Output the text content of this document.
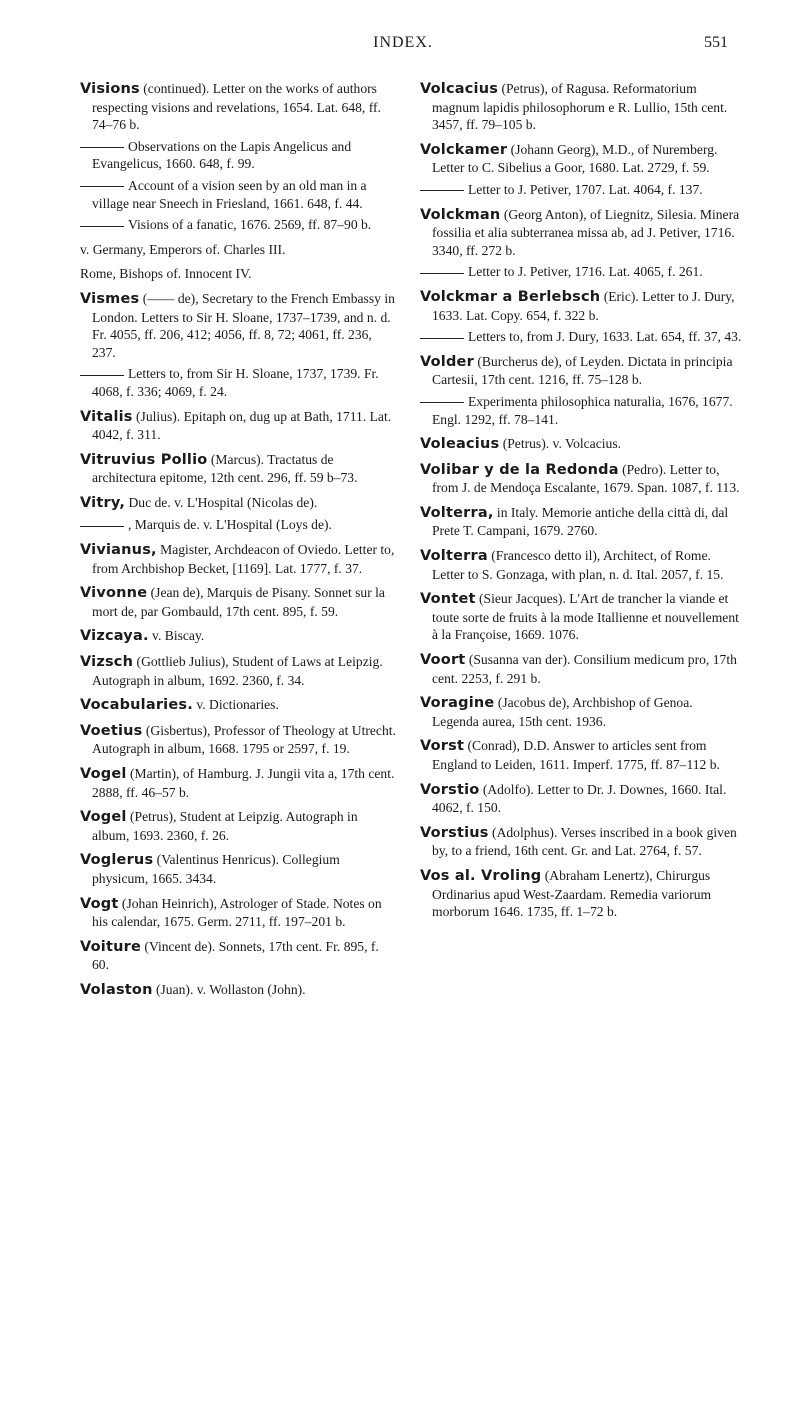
INDEX.	551
Visions (continued). Letter on the works of authors respecting visions and revelations, 1654. Lat. 648, ff. 74–76 b.
Observations on the Lapis Angelicus and Evangelicus, 1660. 648, f. 99.
Account of a vision seen by an old man in a village near Sneech in Friesland, 1661. 648, f. 44.
Visions of a fanatic, 1676. 2569, ff. 87–90 b.
v. Germany, Emperors of. Charles III.
Rome, Bishops of. Innocent IV.
Vismes (—— de), Secretary to the French Embassy in London. Letters to Sir H. Sloane, 1737–1739, and n. d. Fr. 4055, ff. 206, 412; 4056, ff. 8, 72; 4061, ff. 236, 237.
Letters to, from Sir H. Sloane, 1737, 1739. Fr. 4068, f. 336; 4069, f. 24.
Vitalis (Julius). Epitaph on, dug up at Bath, 1711. Lat. 4042, f. 311.
Vitruvius Pollio (Marcus). Tractatus de architectura epitome, 12th cent. 296, ff. 59 b–73.
Vitry, Duc de. v. L'Hospital (Nicolas de).
, Marquis de. v. L'Hospital (Loys de).
Vivianus, Magister, Archdeacon of Oviedo. Letter to, from Archbishop Becket, [1169]. Lat. 1777, f. 37.
Vivonne (Jean de), Marquis de Pisany. Sonnet sur la mort de, par Gombauld, 17th cent. 895, f. 59.
Vizcaya. v. Biscay.
Vizsch (Gottlieb Julius), Student of Laws at Leipzig. Autograph in album, 1692. 2360, f. 34.
Vocabularies. v. Dictionaries.
Voetius (Gisbertus), Professor of Theology at Utrecht. Autograph in album, 1668. 1795 or 2597, f. 19.
Vogel (Martin), of Hamburg. J. Jungii vita a, 17th cent. 2888, ff. 46–57 b.
Vogel (Petrus), Student at Leipzig. Autograph in album, 1693. 2360, f. 26.
Voglerus (Valentinus Henricus). Collegium physicum, 1665. 3434.
Vogt (Johan Heinrich), Astrologer of Stade. Notes on his calendar, 1675. Germ. 2711, ff. 197–201 b.
Voiture (Vincent de). Sonnets, 17th cent. Fr. 895, f. 60.
Volaston (Juan). v. Wollaston (John).
Volcacius (Petrus), of Ragusa. Reformatorium magnum lapidis philosophorum e R. Lullio, 15th cent. 3457, ff. 79–105 b.
Volckamer (Johann Georg), M.D., of Nuremberg. Letter to C. Sibelius a Goor, 1680. Lat. 2729, f. 59.
Letter to J. Petiver, 1707. Lat. 4064, f. 137.
Volckman (Georg Anton), of Liegnitz, Silesia. Minera fossilia et alia subterranea missa ab, ad J. Petiver, 1716. 3340, ff. 272 b.
Letter to J. Petiver, 1716. Lat. 4065, f. 261.
Volckmar a Berlebsch (Eric). Letter to J. Dury, 1633. Lat. Copy. 654, f. 322 b.
Letters to, from J. Dury, 1633. Lat. 654, ff. 37, 43.
Volder (Burcherus de), of Leyden. Dictata in principia Cartesii, 17th cent. 1216, ff. 75–128 b.
Experimenta philosophica naturalia, 1676, 1677. Engl. 1292, ff. 78–141.
Voleacius (Petrus). v. Volcacius.
Volibar y de la Redonda (Pedro). Letter to, from J. de Mendoça Escalante, 1679. Span. 1087, f. 113.
Volterra, in Italy. Memorie antiche della città di, dal Prete T. Campani, 1679. 2760.
Volterra (Francesco detto il), Architect, of Rome. Letter to S. Gonzaga, with plan, n. d. Ital. 2057, f. 15.
Vontet (Sieur Jacques). L'Art de trancher la viande et toute sorte de fruits à la mode Itallienne et nouvellement à la Françoise, 1669. 1076.
Voort (Susanna van der). Consilium medicum pro, 17th cent. 2253, f. 291 b.
Voragine (Jacobus de), Archbishop of Genoa. Legenda aurea, 15th cent. 1936.
Vorst (Conrad), D.D. Answer to articles sent from England to Leiden, 1611. Imperf. 1775, ff. 87–112 b.
Vorstio (Adolfo). Letter to Dr. J. Downes, 1660. Ital. 4062, f. 150.
Vorstius (Adolphus). Verses inscribed in a book given by, to a friend, 16th cent. Gr. and Lat. 2764, f. 57.
Vos al. Vroling (Abraham Lenertz), Chirurgus Ordinarius apud West-Zaardam. Remedia variorum morborum 1646. 1735, ff. 1–72 b.
